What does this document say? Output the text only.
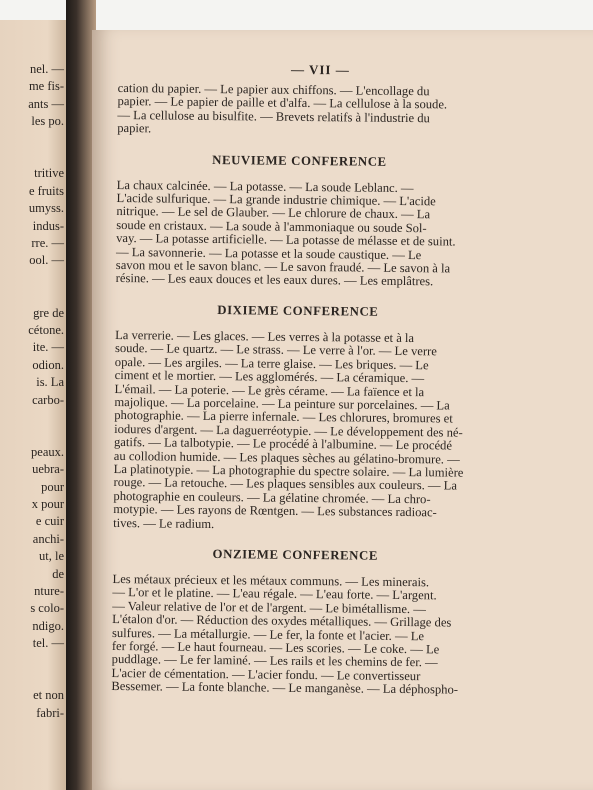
nel. —
me fis-
ants —
les po.
tritive
e fruits
umyss.
indus-
rre. —
ool. —
gre de
cétone.
ite. —
odion.
is. La
carbo-
peaux.
uebra-
pour
x pour
e cuir
anchi-
ut, le
de
nture-
s colo-
ndigo.
tel. —
et non
fabri-
— VII —
cation du papier. — Le papier aux chiffons. — L'encollage du
papier. — Le papier de paille et d'alfa. — La cellulose à la soude.
— La cellulose au bisulfite. — Brevets relatifs à l'industrie du
papier.
NEUVIEME CONFERENCE
La chaux calcinée. — La potasse. — La soude Leblanc. —
L'acide sulfurique. — La grande industrie chimique. — L'acide
nitrique. — Le sel de Glauber. — Le chlorure de chaux. — La
soude en cristaux. — La soude à l'ammoniaque ou soude Sol-
vay. — La potasse artificielle. — La potasse de mélasse et de suint.
— La savonnerie. — La potasse et la soude caustique. — Le
savon mou et le savon blanc. — Le savon fraudé. — Le savon à la
résine. — Les eaux douces et les eaux dures. — Les emplâtres.
DIXIEME CONFERENCE
La verrerie. — Les glaces. — Les verres à la potasse et à la
soude. — Le quartz. — Le strass. — Le verre à l'or. — Le verre
opale. — Les argiles. — La terre glaise. — Les briques. — Le
ciment et le mortier. — Les agglomérés. — La céramique. —
L'émail. — La poterie. — Le grès cérame. — La faïence et la
majolique. — La porcelaine. — La peinture sur porcelaines. — La
photographie. — La pierre infernale. — Les chlorures, bromures et
iodures d'argent. — La daguerréotypie. — Le développement des né-
gatifs. — La talbotypie. — Le procédé à l'albumine. — Le procédé
au collodion humide. — Les plaques sèches au gélatino-bromure. —
La platinotypie. — La photographie du spectre solaire. — La lumière
rouge. — La retouche. — Les plaques sensibles aux couleurs. — La
photographie en couleurs. — La gélatine chromée. — La chro-
motypie. — Les rayons de Rœntgen. — Les substances radioac-
tives. — Le radium.
ONZIEME CONFERENCE
Les métaux précieux et les métaux communs. — Les minerais.
— L'or et le platine. — L'eau régale. — L'eau forte. — L'argent.
— Valeur relative de l'or et de l'argent. — Le bimétallisme. —
L'étalon d'or. — Réduction des oxydes métalliques. — Grillage des
sulfures. — La métallurgie. — Le fer, la fonte et l'acier. — Le
fer forgé. — Le haut fourneau. — Les scories. — Le coke. — Le
puddlage. — Le fer laminé. — Les rails et les chemins de fer. —
L'acier de cémentation. — L'acier fondu. — Le convertisseur
Bessemer. — La fonte blanche. — Le manganèse. — La déphospho-
